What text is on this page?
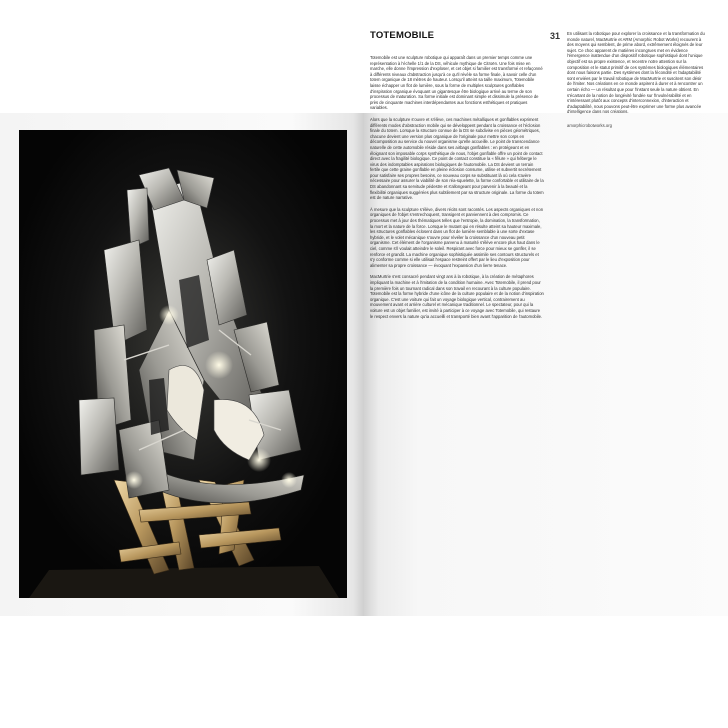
TOTEMOBILE

Totemobile est une sculpture robotique qui apparaît dans un premier temps comme une représentation à l'échelle 1/1 de la DS, véhicule mythique de Citroën. Une fois mise en marche, elle donne l'impression d'exploser, et cet objet si familier est transformé et refaçonné à différents niveaux d'abstraction jusqu'à ce qu'il révèle sa forme finale, à savoir celle d'un totem organique de 18 mètres de hauteur. Lorsqu'il atteint sa taille maximum, Totemobile laisse échapper un flot de lumière, sous la forme de multiples sculptures gonflables d'inspiration organique évoquant un gigantesque être biologique arrivé au terme de son processus de maturation. Sa forme initiale est dominant simple et dissimule la présence de près de cinquante machines interdépendantes aux fonctions esthétiques et pratiques variables.

Alors que la sculpture s'ouvre et s'élève, ces machines métalliques et gonflables expriment différents modes d'abstraction mobile qui se développent pendant la croissance et l'éclosion finale du totem. Lorsque la structure connue de la DS se subdivise en pièces géométriques, chacune devient une version plus organique de l'originale pour mettre son corps en décomposition au service du nouvel organisme qu'elle accueille. Le point de transcendance naturelle de cette automobile réside dans ses airbags gonflables : en protégeant et en éloignant son imposable corps synthétique de nous, l'objet gonflable offre un point de contact direct avec la fragilité biologique. Ce point de contact constitue la « fêlure » qui héberge le virus des indomptables aspirations biologiques de l'automobile. La DS devient un terrain fertile que cette graine gonflable en pleine éclosion consume, utilise et subvertit secrètement pour satisfaire ses propres besoins, ce nouveau corps se substituant là où cela s'avère nécessaire pour assurer la viabilité de son réa-squelette, la forme confortable et utilitaire de la DS abandonnant sa servitude pédestre et s'allongeant pour parvenir à la beauté et la flexibilité organiques suggérées plus subtilement par sa structure originale. La forme du totem est de nature narrative.

À mesure que la sculpture s'élève, divers récits sont racontés. Les aspects organiques et non organiques de l'objet s'entrechoquent, transigent et parviennent à des compromis. Ce processus met à jour des thématiques telles que l'entropie, la domination, la transformation, la mort et la nature de la force. Lorsque le mutant qui en résulte atteint sa hauteur maximale, les structures gonflables éclosent dans un flot de lumière semblable à une sorte d'extase hybride, et le volet mécanique s'ouvre pour révéler la croissance d'un nouveau petit organisme. Cet élément de l'organisme parvenu à maturité s'élève encore plus haut dans le ciel, comme s'il voulait atteindre le soleil. Respirant avec force pour mieux se gonfler, il se renforce et grandit. La machine organique sophistiquée assimile ses contours structurels et s'y conforme comme si elle utilisait l'espace restreint offert par le lieu d'exposition pour alimenter sa propre croissance — évoquant l'expansion d'un lierre tenace.

MacMurtrie s'est consacré pendant vingt ans à la robotique, à la création de métaphores impliquant la machine et à l'imitation de la condition humaine. Avec Totemobile, il prend pour la première fois un tournant radical dans son travail en recourant à la culture populaire. Totemobile est la forme hybride d'une icône de la culture populaire et de la notion d'inspiration organique. C'est une voiture qui fait un voyage biologique vertical, contrairement au mouvement avant et arrière culturel et mécanique traditionnel. Le spectateur, pour qui la voiture est un objet familier, est invité à participer à ce voyage avec Totemobile, qui restaure le respect envers la nature qu'ia accueilli et transporté bien avant l'apparition de l'automobile.

31 En utilisant la robotique pour explorer la croissance et la transformation du monde naturel, MacMurtrie et ARM (Amorphic Robot Works) recourent à des moyens qui semblent, de prime abord, extrêmement éloignés de leur sujet. Ce choc apparent de matières incongrues met en évidence l'émergence inattendue d'un dispositif robotique sophistiqué dont l'unique objectif est sa propre existence, et recentre notre attention sur la composition et le statut primitif de ces systèmes biologiques élémentaires dont nous faisons partie. Des systèmes dont la fécondité et l'adaptabilité sont enviées par le travail robotique de MacMurtrie et suscitent son désir de l'imiter. Nos créations en ce monde aspirent à durer et à rencontrer un certain écho — un résultat que pour l'instant seule la nature obtient. En s'écartant de la notion de longévité fondée sur l'invulnérabilité et en s'intéressant plutôt aux concepts d'interconnexion, d'interaction et d'adaptabilité, nous pouvons peut-être exprimer une forme plus avancée d'intelligence dans nos créations.

amorphicrobotworks.org
